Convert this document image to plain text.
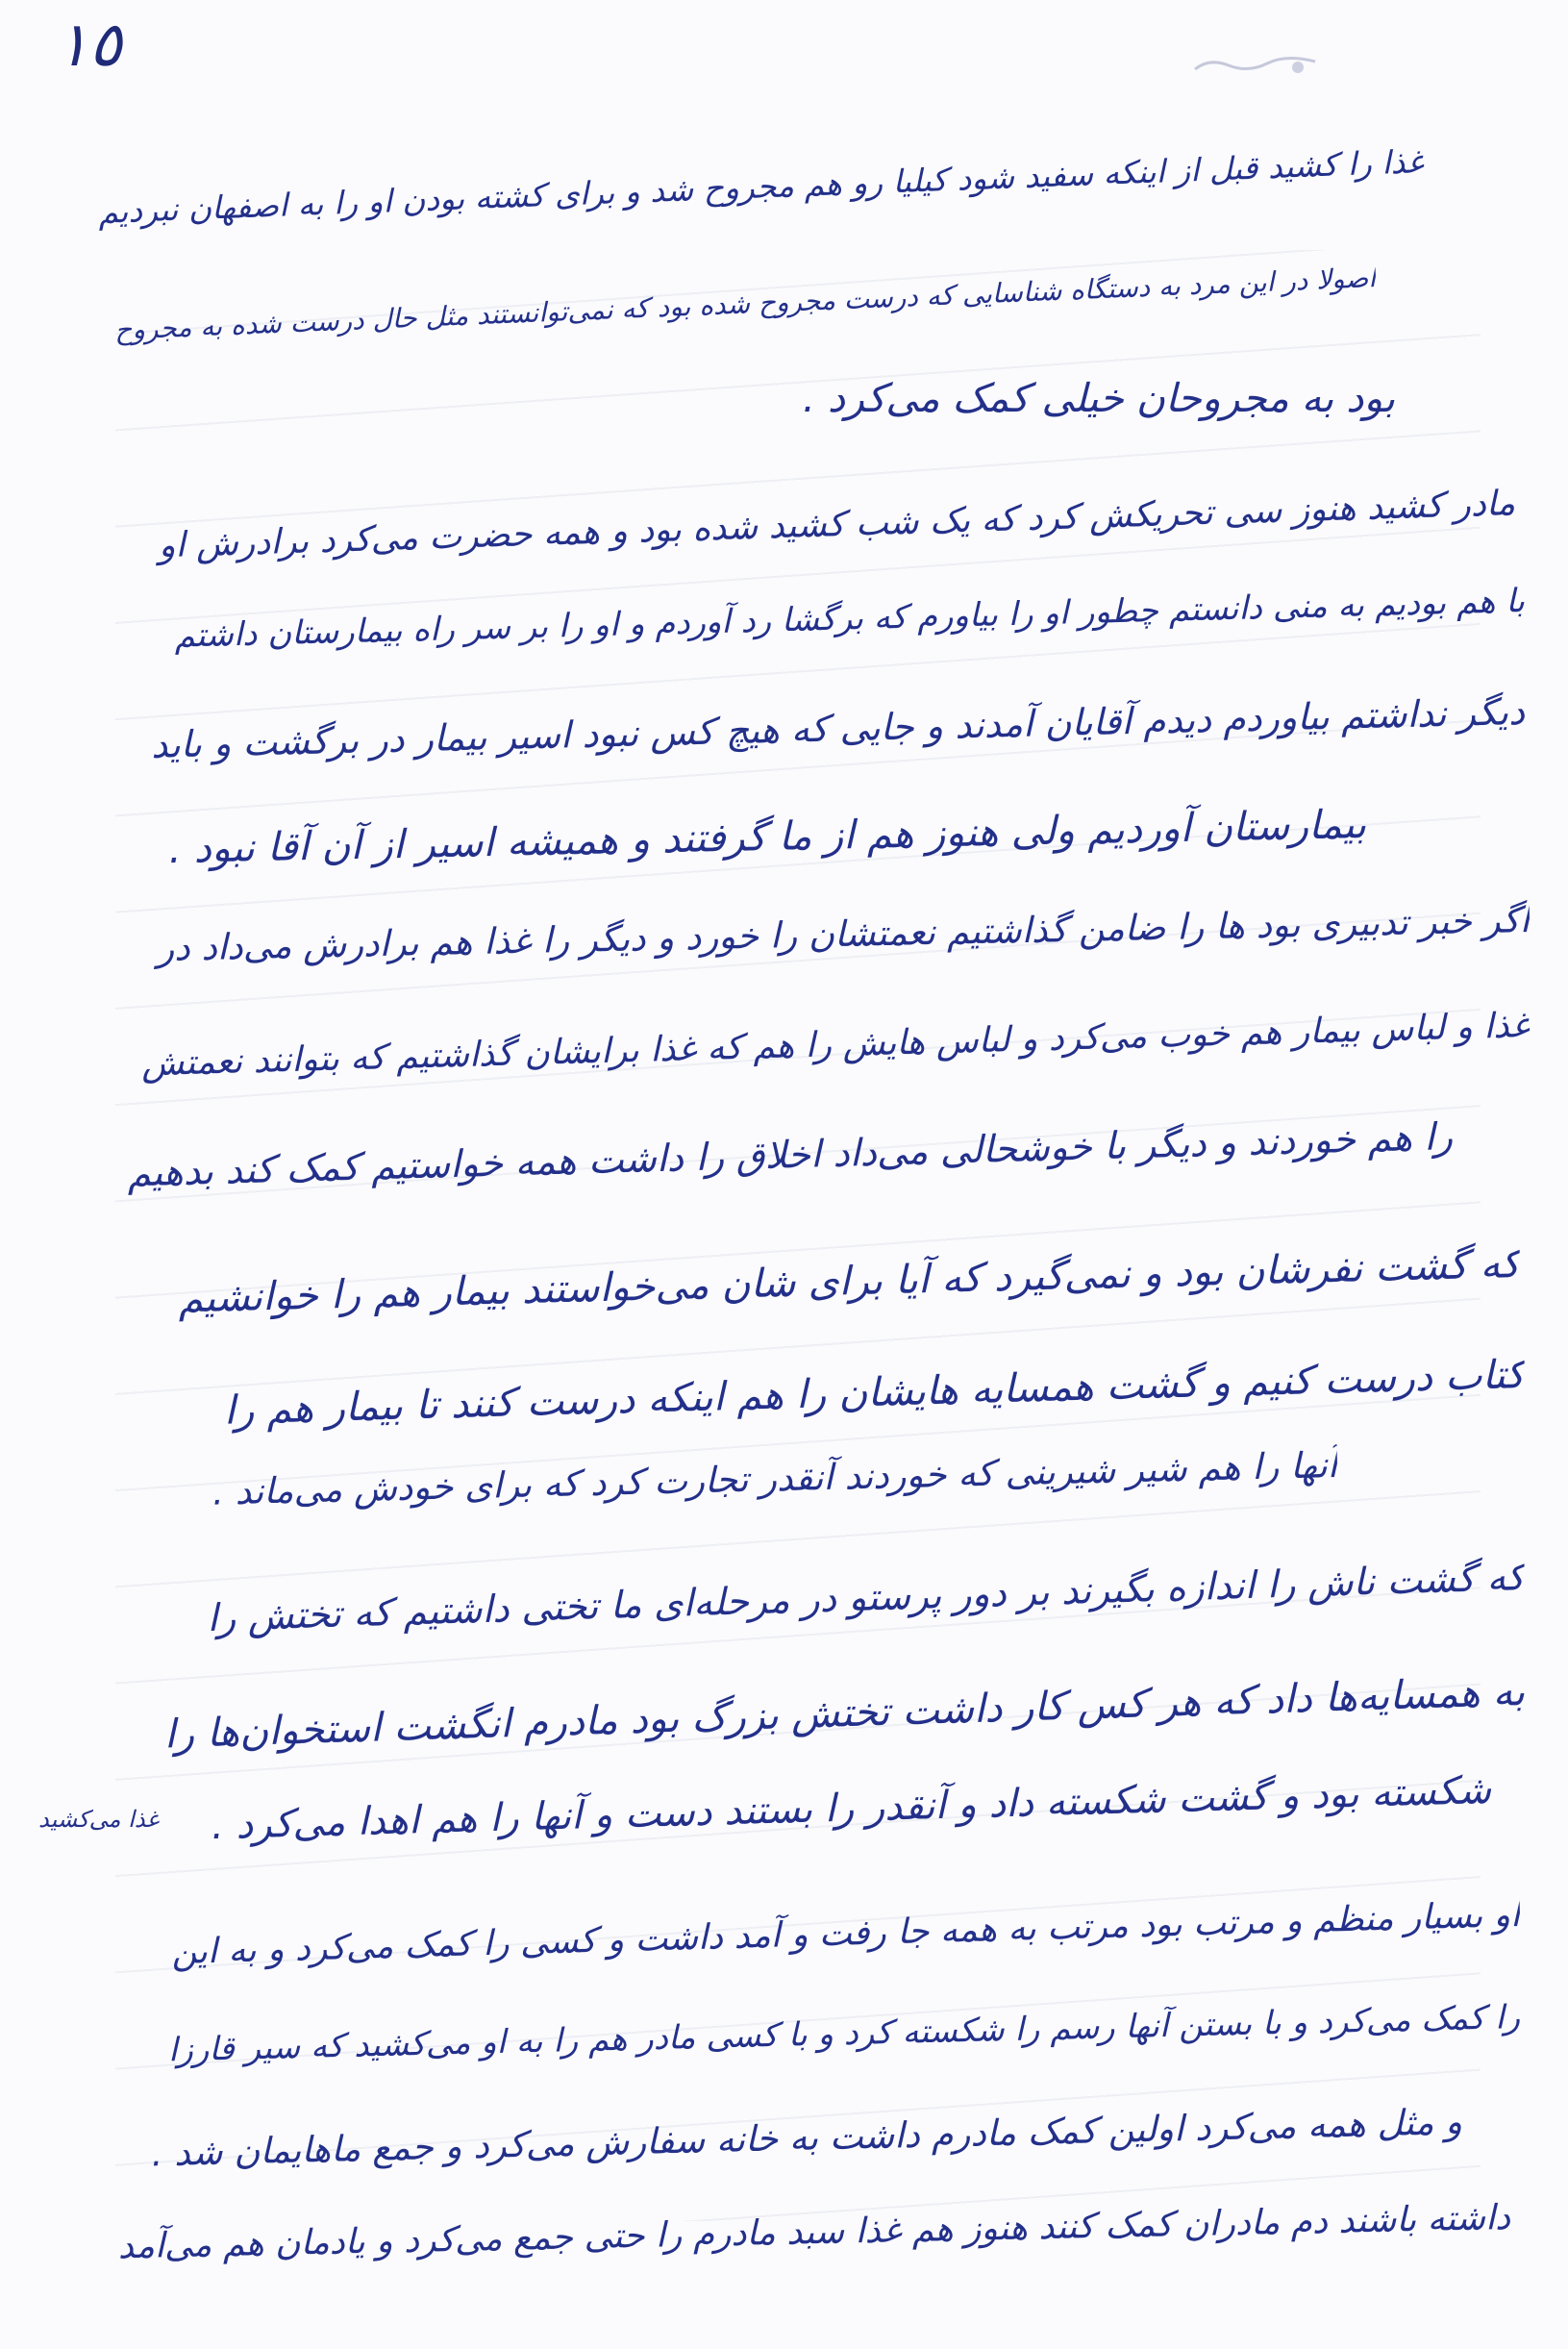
١٥
غذا را کشید قبل از اینکه سفید شود کیلیا رو هم مجروح شد و برای کشته بودن او را به اصفهان نبردیم
اصولا در این مرد به دستگاه شناسایی که درست مجروح شده بود که نمی‌توانستند مثل حال درست شده به مجروح
بود به مجروحان خیلی کمک می‌کرد .
مادر کشید هنوز سی تحریکش کرد که یک شب کشید شده بود و همه حضرت می‌کرد برادرش او
با هم بودیم به منی دانستم چطور او را بیاورم که برگشا رد آوردم و او را بر سر راه بیمارستان داشتم
دیگر نداشتم بیاوردم دیدم آقایان آمدند و جایی که هیچ کس نبود اسیر بیمار در برگشت و باید
بیمارستان آوردیم ولی هنوز هم از ما گرفتند و همیشه اسیر از آن آقا نبود .
اگر خبر تدبیری بود ها را ضامن گذاشتیم نعمتشان را خورد و دیگر را غذا هم برادرش می‌داد در
غذا و لباس بیمار هم خوب می‌کرد و لباس هایش را هم که غذا برایشان گذاشتیم که بتوانند نعمتش
را هم خوردند و دیگر با خوشحالی می‌داد اخلاق را داشت همه خواستیم کمک کند بدهیم
که گشت نفرشان بود و نمی‌گیرد که آیا برای شان می‌خواستند بیمار هم را خوانشیم
کتاب درست کنیم و گشت همسایه هایشان را هم اینکه درست کنند تا بیمار هم را
آنها را هم شیر شیرینی که خوردند آنقدر تجارت کرد که برای خودش می‌ماند .
که گشت ناش را اندازه بگیرند بر دور پرستو در مرحله‌ای ما تختی داشتیم که تختش را
به همسایه‌ها داد که هر کس کار داشت تختش بزرگ بود مادرم انگشت استخوان‌ها را
شکسته بود و گشت شکسته داد و آنقدر را بستند دست و آنها را هم اهدا می‌کرد .
او بسیار منظم و مرتب بود مرتب به همه جا رفت و آمد داشت و کسی را کمک می‌کرد و به این
را کمک می‌کرد و با بستن آنها رسم را شکسته کرد و با کسی مادر هم را به او می‌کشید که سیر قارزا
و مثل همه می‌کرد اولین کمک مادرم داشت به خانه سفارش می‌کرد و جمع ماهایمان شد .
داشته باشند دم مادران کمک کنند هنوز هم غذا سبد مادرم را حتی جمع می‌کرد و یادمان هم می‌آمد
غذا می‌کشید
